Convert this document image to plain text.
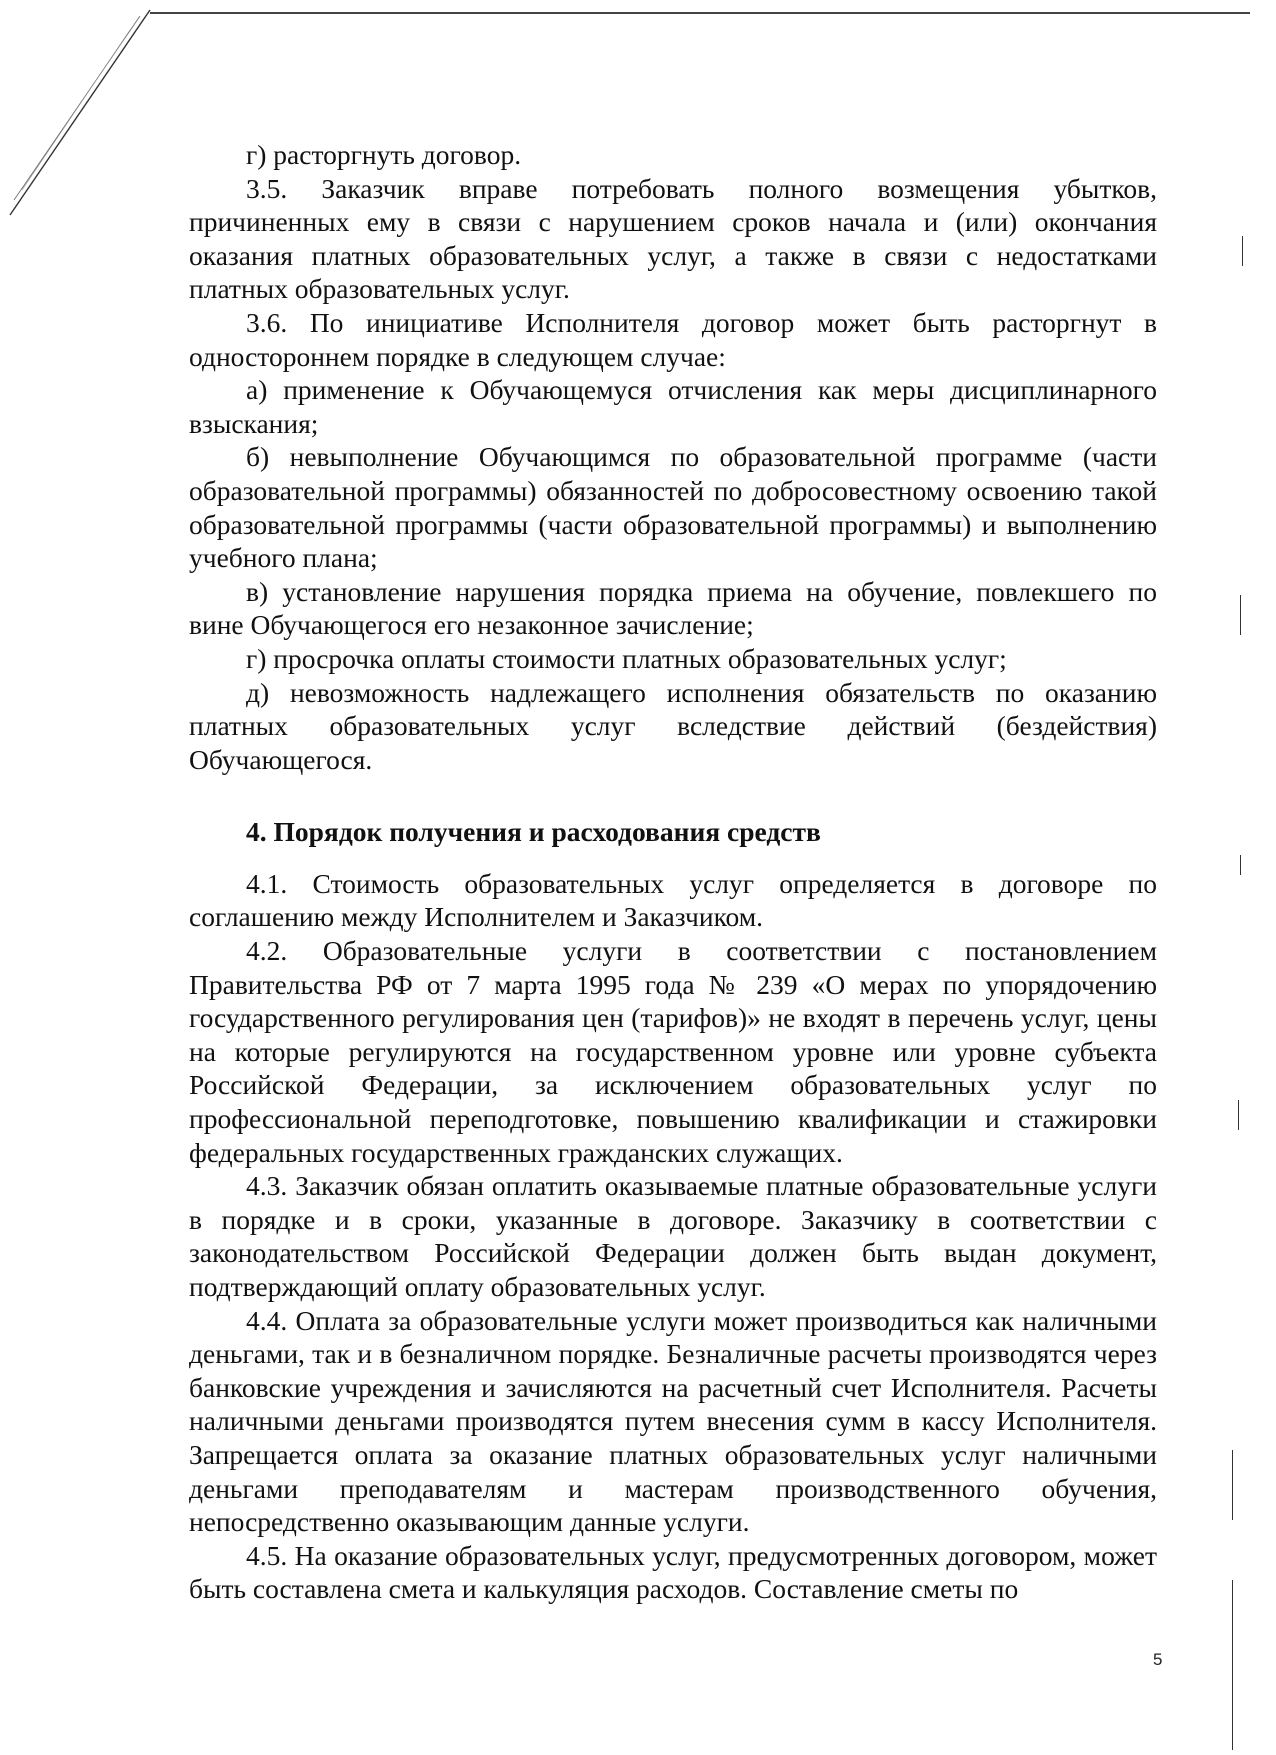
г) расторгнуть договор.

3.5. Заказчик вправе потребовать полного возмещения убытков, причиненных ему в связи с нарушением сроков начала и (или) окончания оказания платных образовательных услуг, а также в связи с недостатками платных образовательных услуг.

3.6. По инициативе Исполнителя договор может быть расторгнут в одностороннем порядке в следующем случае:

а) применение к Обучающемуся отчисления как меры дисциплинарного взыскания;

б) невыполнение Обучающимся по образовательной программе (части образовательной программы) обязанностей по добросовестному освоению такой образовательной программы (части образовательной программы) и выполнению учебного плана;

в) установление нарушения порядка приема на обучение, повлекшего по вине Обучающегося его незаконное зачисление;

г) просрочка оплаты стоимости платных образовательных услуг;

д) невозможность надлежащего исполнения обязательств по оказанию платных образовательных услуг вследствие действий (бездействия) Обучающегося.

4. Порядок получения и расходования средств

4.1. Стоимость образовательных услуг определяется в договоре по соглашению между Исполнителем и Заказчиком.

4.2. Образовательные услуги в соответствии с постановлением Правительства РФ от 7 марта 1995 года № 239 «О мерах по упорядочению государственного регулирования цен (тарифов)» не входят в перечень услуг, цены на которые регулируются на государственном уровне или уровне субъекта Российской Федерации, за исключением образовательных услуг по профессиональной переподготовке, повышению квалификации и стажировки федеральных государственных гражданских служащих.

4.3. Заказчик обязан оплатить оказываемые платные образовательные услуги в порядке и в сроки, указанные в договоре. Заказчику в соответствии с законодательством Российской Федерации должен быть выдан документ, подтверждающий оплату образовательных услуг.

4.4. Оплата за образовательные услуги может производиться как наличными деньгами, так и в безналичном порядке. Безналичные расчеты производятся через банковские учреждения и зачисляются на расчетный счет Исполнителя. Расчеты наличными деньгами производятся путем внесения сумм в кассу Исполнителя. Запрещается оплата за оказание платных образовательных услуг наличными деньгами преподавателям и мастерам производственного обучения, непосредственно оказывающим данные услуги.

4.5. На оказание образовательных услуг, предусмотренных договором, может быть составлена смета и калькуляция расходов. Составление сметы по

5
